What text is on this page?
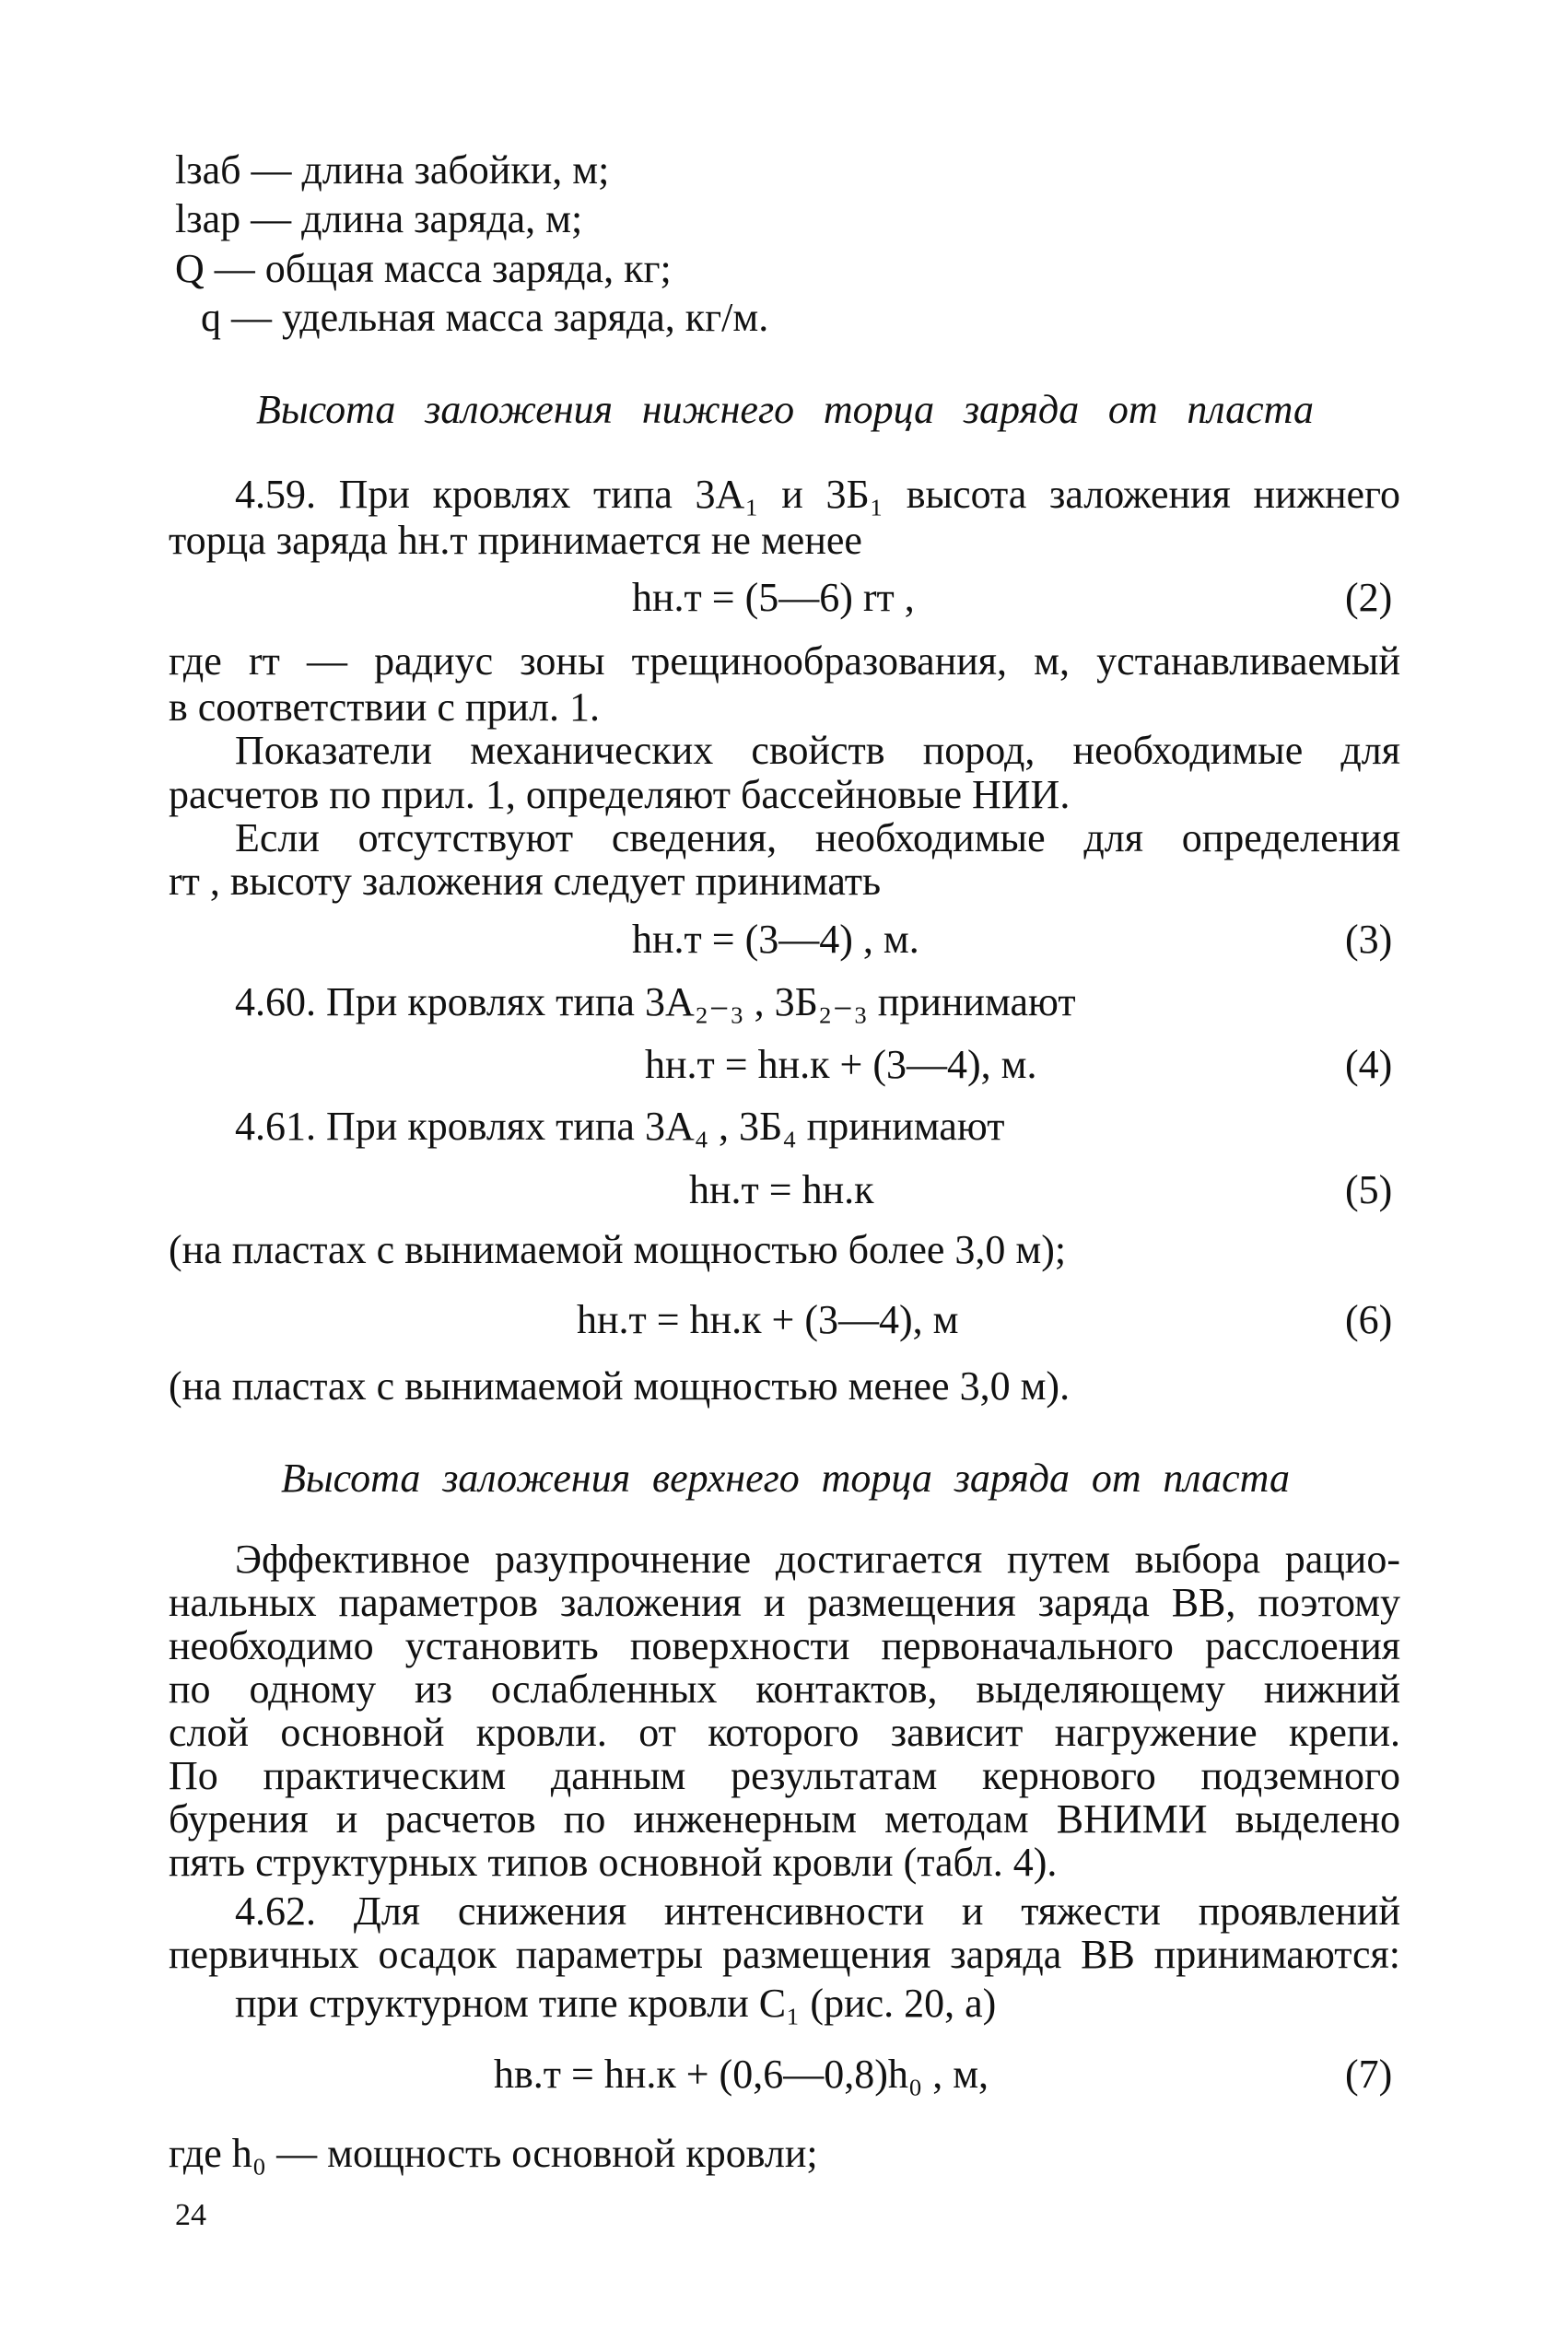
lзаб — длина забойки, м;
lзар — длина заряда, м;
Q — общая масса заряда, кг;
q — удельная масса заряда, кг/м.
Высота заложения нижнего торца заряда от пласта
4.59. При кровлях типа 3А₁ и 3Б₁ высота заложения нижнего
торца заряда hн.т принимается не менее
hн.т = (5—6) rт ,	(2)
где rт — радиус зоны трещинообразования, м, устанавливаемый
в соответствии с прил. 1.
Показатели механических свойств пород, необходимые для
расчетов по прил. 1, определяют бассейновые НИИ.
Если отсутствуют сведения, необходимые для определения
rт , высоту заложения следует принимать
hн.т = (3—4) , м.	(3)
4.60. При кровлях типа 3А₂₋₃ , 3Б₂₋₃ принимают
hн.т = hн.к + (3—4), м.	(4)
4.61. При кровлях типа 3А₄ , 3Б₄ принимают
hн.т = hн.к	(5)
(на пластах с вынимаемой мощностью более 3,0 м);
hн.т = hн.к + (3—4), м	(6)
(на пластах с вынимаемой мощностью менее 3,0 м).
Высота заложения верхнего торца заряда от пласта
Эффективное разупрочнение достигается путем выбора рацио-
нальных параметров заложения и размещения заряда ВВ, поэтому
необходимо установить поверхности первоначального расслоения
по одному из ослабленных контактов, выделяющему нижний
слой основной кровли. от которого зависит нагружение крепи.
По практическим данным результатам кернового подземного
бурения и расчетов по инженерным методам ВНИМИ выделено
пять структурных типов основной кровли (табл. 4).
4.62. Для снижения интенсивности и тяжести проявлений
первичных осадок параметры размещения заряда ВВ принимаются:
при структурном типе кровли C₁ (рис. 20, а)
hв.т = hн.к + (0,6—0,8)h₀ , м,	(7)
где h₀ — мощность основной кровли;
24
